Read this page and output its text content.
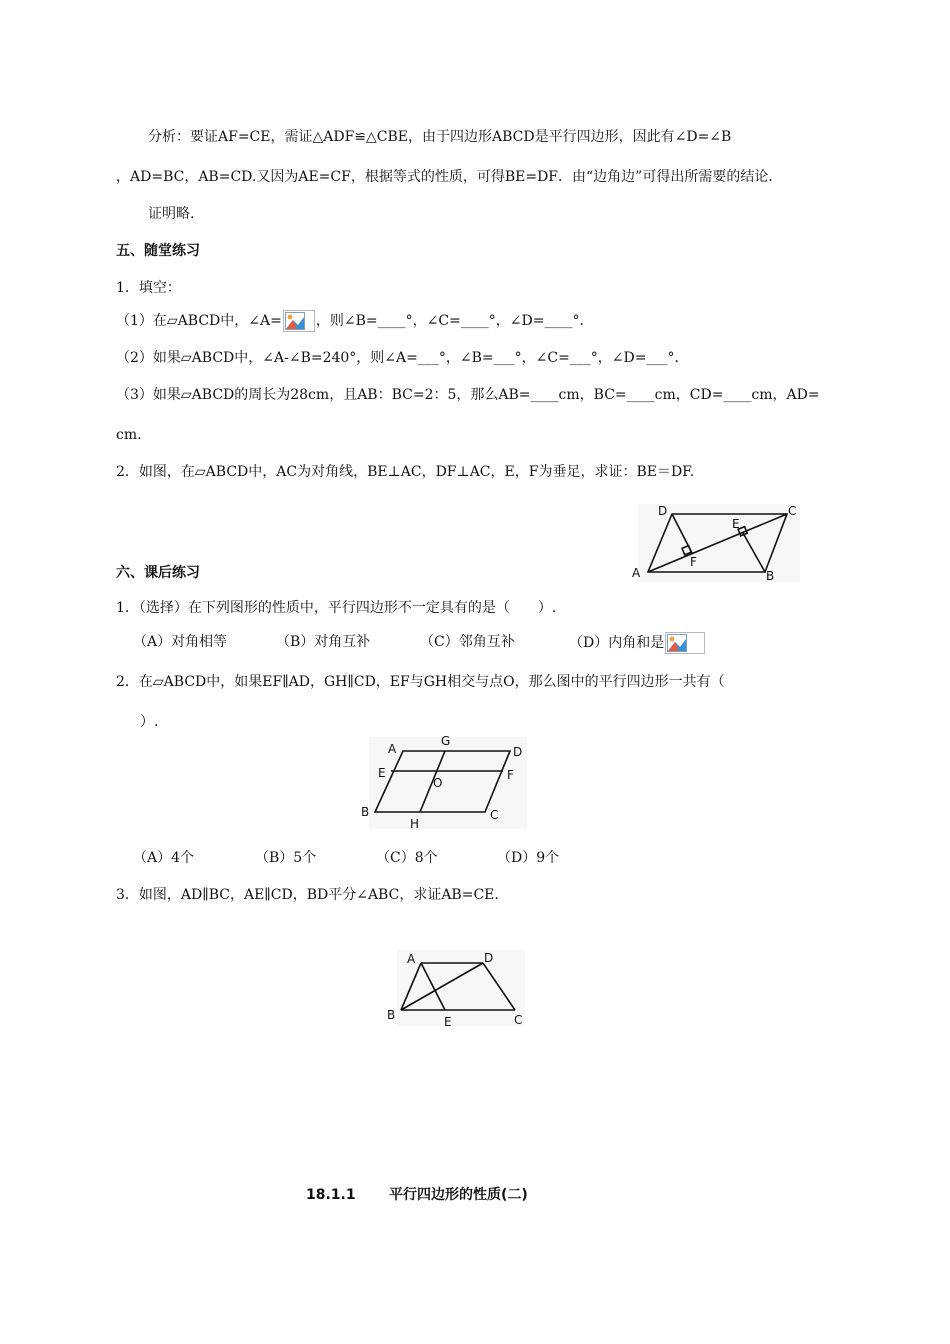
分析：要证AF=CE，需证△ADF≌△CBE，由于四边形ABCD是平行四边形，因此有∠D=∠B
，AD=BC，AB=CD.又因为AE=CF，根据等式的性质，可得BE=DF．由“边角边”可得出所需要的结论．
证明略.
五、随堂练习
1．填空：
（1）在▱ABCD中，∠A= ，则∠B=____°，∠C=____°，∠D=____°．
（2）如果▱ABCD中，∠A-∠B=240°，则∠A=___°，∠B=___°，∠C=___°，∠D=___°．
（3）如果▱ABCD的周长为28cm，且AB：BC=2：5，那么AB=____cm，BC=____cm，CD=____cm，AD=
cm.
2．如图，在▱ABCD中，AC为对角线，BE⊥AC，DF⊥AC，E，F为垂足，求证：BE＝DF.
A	B
C
D
E
F
六、课后练习
1．（选择）在下列图形的性质中，平行四边形不一定具有的是（　　）.
（A）对角相等	（B）对角互补	（C）邻角互补	（D）内角和是
2．在▱ABCD中，如果EF∥AD，GH∥CD，EF与GH相交与点O，那么图中的平行四边形一共有（
）.
A
B	C
D
E	F
G
H
O
（A）4个	（B）5个	（C）8个	（D）9个
3．如图，AD∥BC，AE∥CD，BD平分∠ABC，求证AB=CE.
A
B	C
D
E
18.1.1 平行四边形的性质(二)
